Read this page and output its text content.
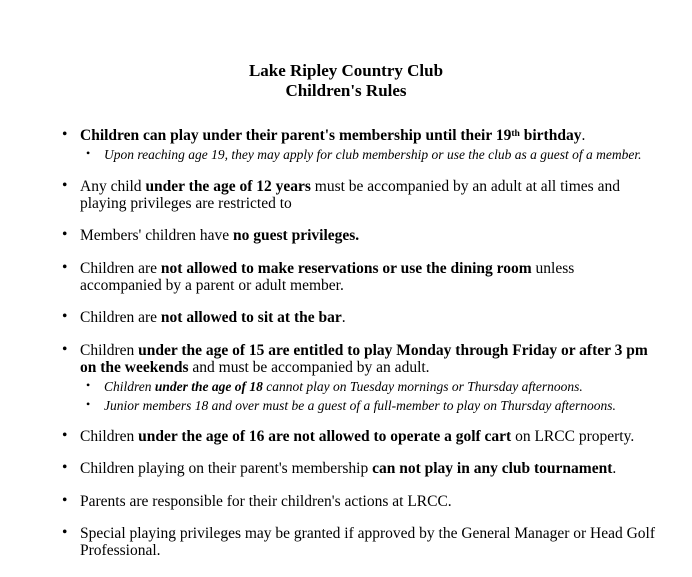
Lake Ripley Country Club
Children's Rules
• Children can play under their parent's membership until their 19th birthday.
• Upon reaching age 19, they may apply for club membership or use the club as a guest of a member.
• Any child under the age of 12 years must be accompanied by an adult at all times and playing privileges are restricted to
• Members' children have no guest privileges.
• Children are not allowed to make reservations or use the dining room unless accompanied by a parent or adult member.
• Children are not allowed to sit at the bar.
• Children under the age of 15 are entitled to play Monday through Friday or after 3 pm on the weekends and must be accompanied by an adult.
• Children under the age of 18 cannot play on Tuesday mornings or Thursday afternoons.
• Junior members 18 and over must be a guest of a full-member to play on Thursday afternoons.
• Children under the age of 16 are not allowed to operate a golf cart on LRCC property.
• Children playing on their parent's membership can not play in any club tournament.
• Parents are responsible for their children's actions at LRCC.
• Special playing privileges may be granted if approved by the General Manager or Head Golf Professional.
